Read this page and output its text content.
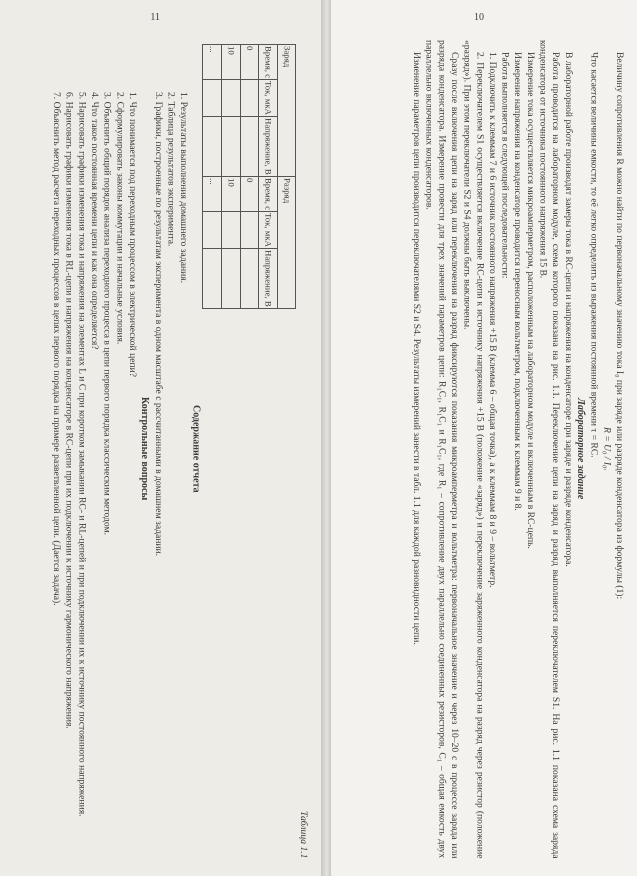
Величину сопротивления R можно найти по первоначальному значению тока I₀ при заряде или разряде конденсатора из формулы (1):

R = U₀ / I₀.

Что касается величины емкости, то её легко определить из выражения постоянной времени τ = RC.

Лабораторное задание

В лабораторной работе производят замеры тока в RC-цепи и напряжения на конденсаторе при заряде и разряде конденсатора.

Работа проводится на лабораторном модуле, схема которого показана на рис. 1.1. Переключение цепи на заряд и разряд выполняется переключателем S1. На рис. 1.1 показана схема заряда конденсатора от источника постоянного напряжения 15 В.

Измерение тока осуществляется микроамперметром, расположенным на лабораторном модуле и включенным в RC-цепь.

Измерение напряжения на конденсаторе проводится переносным вольтметром, подключенным к клеммам 9 и 8.

Работа выполняется в следующей последовательности:

1. Подключить к клеммам 7 и 6 источник постоянного напряжения +15 В (клемма 6 – общая точка), а к клеммам 8 и 9 – вольтметр.

2. Переключателем S1 осуществляется включение RC-цепи к источнику напряжения +15 В (положение «заряд») и переключение заряженного конденсатора на разряд через резистор (положение «разряд»). При этом переключатели S2 и S4 должны быть выключены.

Сразу после включения цепи на заряд или переключения на разряд фиксируются показания микроамперметра и вольтметра: первоначальное значение и через 10–20 с в процессе заряда или разряда конденсатора. Измерение провести для трех значений параметров цепи: R₁C₁, R₁C₁ и R₁C₁, где R₁ – сопротивление двух параллельно соединенных резисторов, C₁ – общая емкость двух параллельно включенных конденсаторов.

Изменение параметров цепи производится переключателями S2 и S4. Результаты измерений занести в табл. 1.1 для каждой разновидности цепи.

10
Таблица 1.1
Заряд	Разряд
Время, с	Ток, мкА	Напряжение, В	Время, с	Ток, мкА	Напряжение, В
0			0		
10			10		
...			...		
Содержание отчета
1. Результаты выполнения домашнего задания.
2. Таблица результатов эксперимента.
3. Графики, построенные по результатам эксперимента в одном масштабе с рассчитанными в домашнем задании.
Контрольные вопросы
1. Что понимается под переходным процессом в электрической цепи?
2. Сформулировать законы коммутации и начальные условия.
3. Объяснить общий порядок анализа переходного процесса в цепи первого порядка классическим методом.
4. Что такое постоянная времени цепи и как она определяется?
5. Нарисовать графики изменения тока и напряжения на элементах L и C при коротком замыкании RC- и RL-цепей и при подключении их к источнику постоянного напряжения.
6. Нарисовать графики изменения тока в RL-цепи и напряжения на конденсаторе в RC-цепи при их подключении к источнику гармонического напряжения.
7. Объяснить метод расчета переходных процессов в цепях первого порядка на примере разветвленной цепи. (Дается задача).
11
